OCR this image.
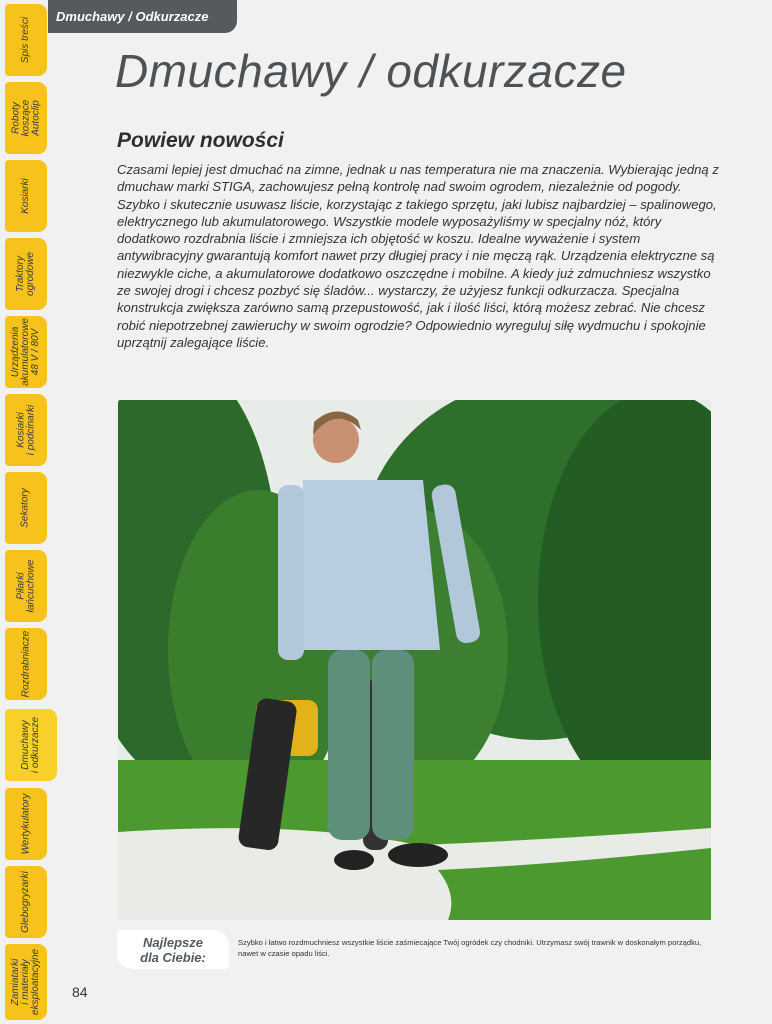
Spis treści
Roboty
koszące
Autoclip
Kosiarki
Traktory
ogrodowe
Urządzenia
akumulatorowe
48 V / 80V
Kosiarki
i podcinarki
Sekatory
Piłarki
łańcuchowe
Rozdrabniacze
Dmuchawy
i odkurzacze
Wertykulatory
Glebogryzarki
Zamiatarki
i materiały
eksploatacyjne 84
Dmuchawy / Odkurzacze
Dmuchawy / odkurzacze
Powiew nowości

Czasami lepiej jest dmuchać na zimne, jednak u nas temperatura nie ma znaczenia. Wybierając jedną z dmuchaw marki STIGA, zachowujesz pełną kontrolę nad swoim ogrodem, niezależnie od pogody. Szybko i skutecznie usuwasz liście, korzystając z takiego sprzętu, jaki lubisz najbardziej – spalinowego, elektrycznego lub akumulatorowego. Wszystkie modele wyposażyliśmy w specjalny nóż, który dodatkowo rozdrabnia liście i zmniejsza ich objętość w koszu. Idealne wyważenie i system antywibracyjny gwarantują komfort nawet przy długiej pracy i nie męczą rąk. Urządzenia elektryczne są niezwykle ciche, a akumulatorowe dodatkowo oszczędne i mobilne. A kiedy już zdmuchniesz wszystko ze swojej drogi i chcesz pozbyć się śladów... wystarczy, że użyjesz funkcji odkurzacza. Specjalna konstrukcja zwiększa zarówno samą przepustowość, jak i ilość liści, którą możesz zebrać. Nie chcesz robić niepotrzebnej zawieruchy w swoim ogrodzie? Odpowiednio wyreguluj siłę wydmuchu i spokojnie uprzątnij zalegające liście.

Najlepsze
dla Ciebie:

Szybko i łatwo rozdmuchniesz wszystkie liście zaśmiecające Twój ogródek czy chodniki. Utrzymasz swój trawnik w doskonałym porządku, nawet w czasie opadu liści.
